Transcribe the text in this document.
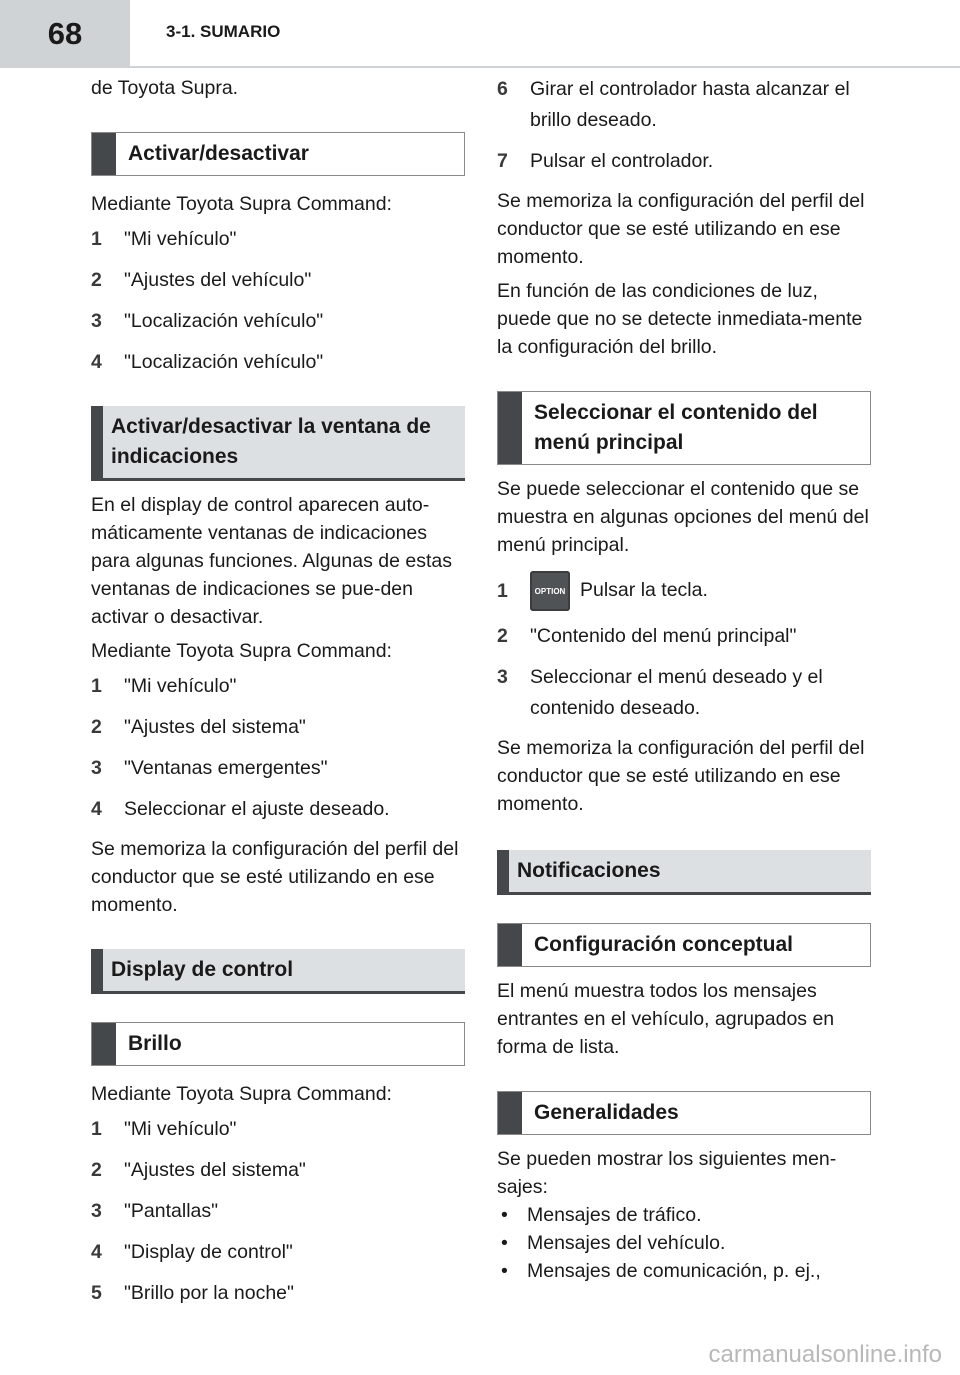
68	3-1. SUMARIO

de Toyota Supra.

Activar/desactivar

Mediante Toyota Supra Command:

1	"Mi vehículo"
2	"Ajustes del vehículo"
3	"Localización vehículo"
4	"Localización vehículo"
Activar/desactivar la ventana de indicaciones

En el display de control aparecen auto-máticamente ventanas de indicaciones para algunas funciones. Algunas de estas ventanas de indicaciones se pue-den activar o desactivar.

Mediante Toyota Supra Command:

1	"Mi vehículo"
2	"Ajustes del sistema"
3	"Ventanas emergentes"
4	Seleccionar el ajuste deseado.

Se memoriza la configuración del perfil del conductor que se esté utilizando en ese momento.

Display de control
Brillo

Mediante Toyota Supra Command:

1	"Mi vehículo"
2	"Ajustes del sistema"
3	"Pantallas"
4	"Display de control"
5	"Brillo por la noche"
6	Girar el controlador hasta alcanzar el brillo deseado.
7	Pulsar el controlador.

Se memoriza la configuración del perfil del conductor que se esté utilizando en ese momento.

En función de las condiciones de luz, puede que no se detecte inmediata-mente la configuración del brillo.

Seleccionar el contenido del menú principal

Se puede seleccionar el contenido que se muestra en algunas opciones del menú del menú principal.

1	OPTION Pulsar la tecla.
2	"Contenido del menú principal"
3	Seleccionar el menú deseado y el contenido deseado.

Se memoriza la configuración del perfil del conductor que se esté utilizando en ese momento.

Notificaciones
Configuración conceptual

El menú muestra todos los mensajes entrantes en el vehículo, agrupados en forma de lista.

Generalidades

Se pueden mostrar los siguientes men-sajes:

• Mensajes de tráfico.
• Mensajes del vehículo.
• Mensajes de comunicación, p. ej.,
carmanualsonline.info
